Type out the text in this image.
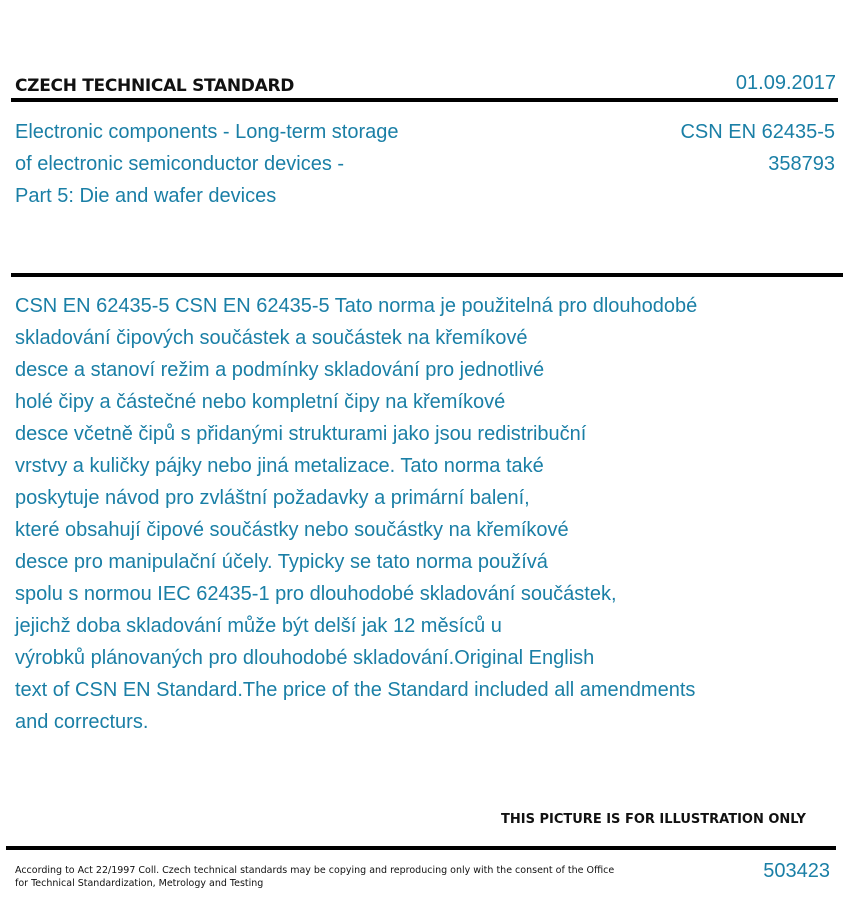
CZECH TECHNICAL STANDARD	01.09.2017
Electronic components - Long-term storage
of electronic semiconductor devices -
Part 5: Die and wafer devices
CSN EN 62435-5
358793
CSN EN 62435-5 CSN EN 62435-5 Tato norma je použitelná pro dlouhodobé
skladování čipových součástek a součástek na křemíkové
desce a stanoví režim a podmínky skladování pro jednotlivé
holé čipy a částečné nebo kompletní čipy na křemíkové
desce včetně čipů s přidanými strukturami jako jsou redistribuční
vrstvy a kuličky pájky nebo jiná metalizace. Tato norma také
poskytuje návod pro zvláštní požadavky a primární balení,
které obsahují čipové součástky nebo součástky na křemíkové
desce pro manipulační účely. Typicky se tato norma používá
spolu s normou IEC 62435-1 pro dlouhodobé skladování součástek,
jejichž doba skladování může být delší jak 12 měsíců u
výrobků plánovaných pro dlouhodobé skladování.Original English
text of CSN EN Standard.The price of the Standard included all amendments
and correcturs.
THIS PICTURE IS FOR ILLUSTRATION ONLY
According to Act 22/1997 Coll. Czech technical standards may be copying and reproducing only with the consent of the Office
for Technical Standardization, Metrology and Testing
503423
